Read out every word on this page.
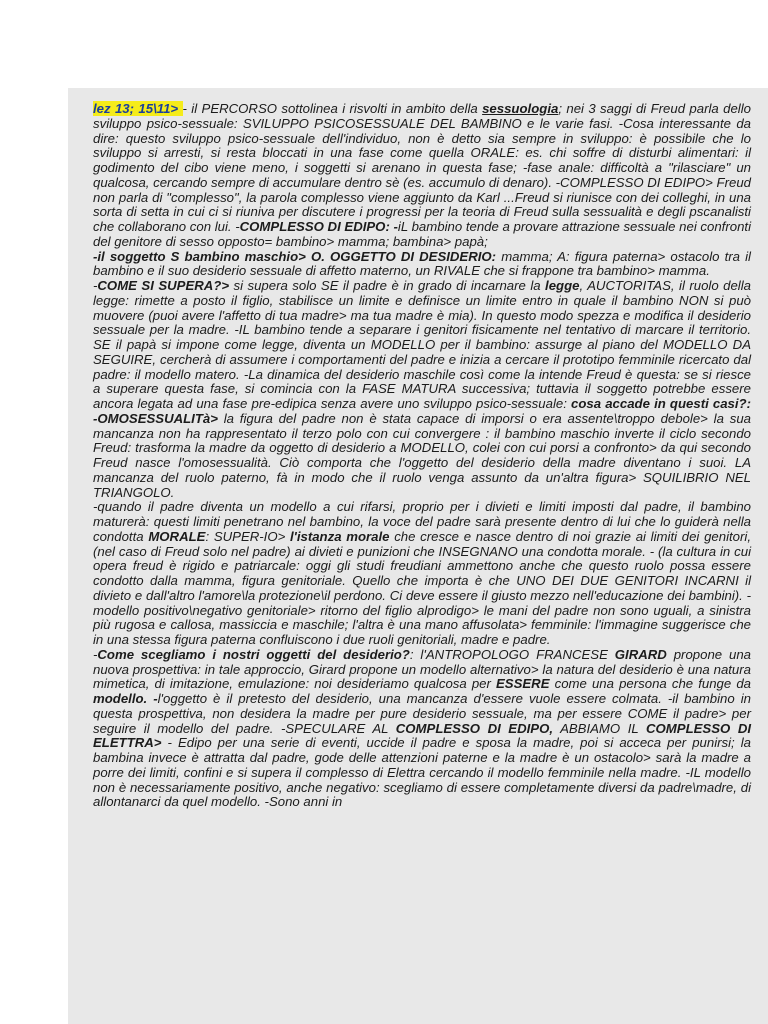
lez 13; 15\11> - il PERCORSO sottolinea i risvolti in ambito della sessuologia; nei 3 saggi di Freud parla dello sviluppo psico-sessuale: SVILUPPO PSICOSESSUALE DEL BAMBINO e le varie fasi. -Cosa interessante da dire: questo sviluppo psico-sessuale dell'individuo, non è detto sia sempre in sviluppo: è possibile che lo sviluppo si arresti, si resta bloccati in una fase come quella ORALE: es. chi soffre di disturbi alimentari: il godimento del cibo viene meno, i soggetti si arenano in questa fase; -fase anale: difficoltà a "rilasciare" un qualcosa, cercando sempre di accumulare dentro sè (es. accumulo di denaro). -COMPLESSO DI EDIPO> Freud non parla di "complesso", la parola complesso viene aggiunto da Karl ...Freud si riunisce con dei colleghi, in una sorta di setta in cui ci si riuniva per discutere i progressi per la teoria di Freud sulla sessualità e degli pscanalisti che collaborano con lui. -COMPLESSO DI EDIPO: -iL bambino tende a provare attrazione sessuale nei confronti del genitore di sesso opposto= bambino> mamma; bambina> papà;

-il soggetto S bambino maschio> O. OGGETTO DI DESIDERIO: mamma; A: figura paterna> ostacolo tra il bambino e il suo desiderio sessuale di affetto materno, un RIVALE che si frappone tra bambino> mamma.

-COME SI SUPERA?> si supera solo SE il padre è in grado di incarnare la legge, AUCTORITAS, il ruolo della legge: rimette a posto il figlio, stabilisce un limite e definisce un limite entro in quale il bambino NON si può muovere (puoi avere l'affetto di tua madre> ma tua madre è mia). In questo modo spezza e modifica il desiderio sessuale per la madre. -IL bambino tende a separare i genitori fisicamente nel tentativo di marcare il territorio. SE il papà si impone come legge, diventa un MODELLO per il bambino: assurge al piano del MODELLO DA SEGUIRE, cercherà di assumere i comportamenti del padre e inizia a cercare il prototipo femminile ricercato dal padre: il modello matero. -La dinamica del desiderio maschile così come la intende Freud è questa: se si riesce a superare questa fase, si comincia con la FASE MATURA successiva; tuttavia il soggetto potrebbe essere ancora legata ad una fase pre-edipica senza avere uno sviluppo psico-sessuale: cosa accade in questi casi?: -OMOSESSUALITà> la figura del padre non è stata capace di imporsi o era assente\troppo debole> la sua mancanza non ha rappresentato il terzo polo con cui convergere : il bambino maschio inverte il ciclo secondo Freud: trasforma la madre da oggetto di desiderio a MODELLO, colei con cui porsi a confronto> da qui secondo Freud nasce l'omosessualità. Ciò comporta che l'oggetto del desiderio della madre diventano i suoi. LA mancanza del ruolo paterno, fà in modo che il ruolo venga assunto da un'altra figura> SQUILIBRIO NEL TRIANGOLO.

-quando il padre diventa un modello a cui rifarsi, proprio per i divieti e limiti imposti dal padre, il bambino maturerà: questi limiti penetrano nel bambino, la voce del padre sarà presente dentro di lui che lo guiderà nella condotta MORALE: SUPER-IO> l'istanza morale che cresce e nasce dentro di noi grazie ai limiti dei genitori, (nel caso di Freud solo nel padre) ai divieti e punizioni che INSEGNANO una condotta morale. - (la cultura in cui opera freud è rigido e patriarcale: oggi gli studi freudiani ammettono anche che questo ruolo possa essere condotto dalla mamma, figura genitoriale. Quello che importa è che UNO DEI DUE GENITORI INCARNI il divieto e dall'altro l'amore\la protezione\il perdono. Ci deve essere il giusto mezzo nell'educazione dei bambini). -modello positivo\negativo genitoriale> ritorno del figlio alprodigo> le mani del padre non sono uguali, a sinistra più rugosa e callosa, massiccia e maschile; l'altra è una mano affusolata> femminile: l'immagine suggerisce che in una stessa figura paterna confluiscono i due ruoli genitoriali, madre e padre.

-Come scegliamo i nostri oggetti del desiderio?: l'ANTROPOLOGO FRANCESE GIRARD propone una nuova prospettiva: in tale approccio, Girard propone un modello alternativo> la natura del desiderio è una natura mimetica, di imitazione, emulazione: noi desideriamo qualcosa per ESSERE come una persona che funge da modello. -l'oggetto è il pretesto del desiderio, una mancanza d'essere vuole essere colmata. -il bambino in questa prospettiva, non desidera la madre per pure desiderio sessuale, ma per essere COME il padre> per seguire il modello del padre. -SPECULARE AL COMPLESSO DI EDIPO, ABBIAMO IL COMPLESSO DI ELETTRA> - Edipo per una serie di eventi, uccide il padre e sposa la madre, poi si acceca per punirsi; la bambina invece è attratta dal padre, gode delle attenzioni paterne e la madre è un ostacolo> sarà la madre a porre dei limiti, confini e si supera il complesso di Elettra cercando il modello femminile nella madre. -IL modello non è necessariamente positivo, anche negativo: scegliamo di essere completamente diversi da padre\madre, di allontanarci da quel modello. -Sono anni in
